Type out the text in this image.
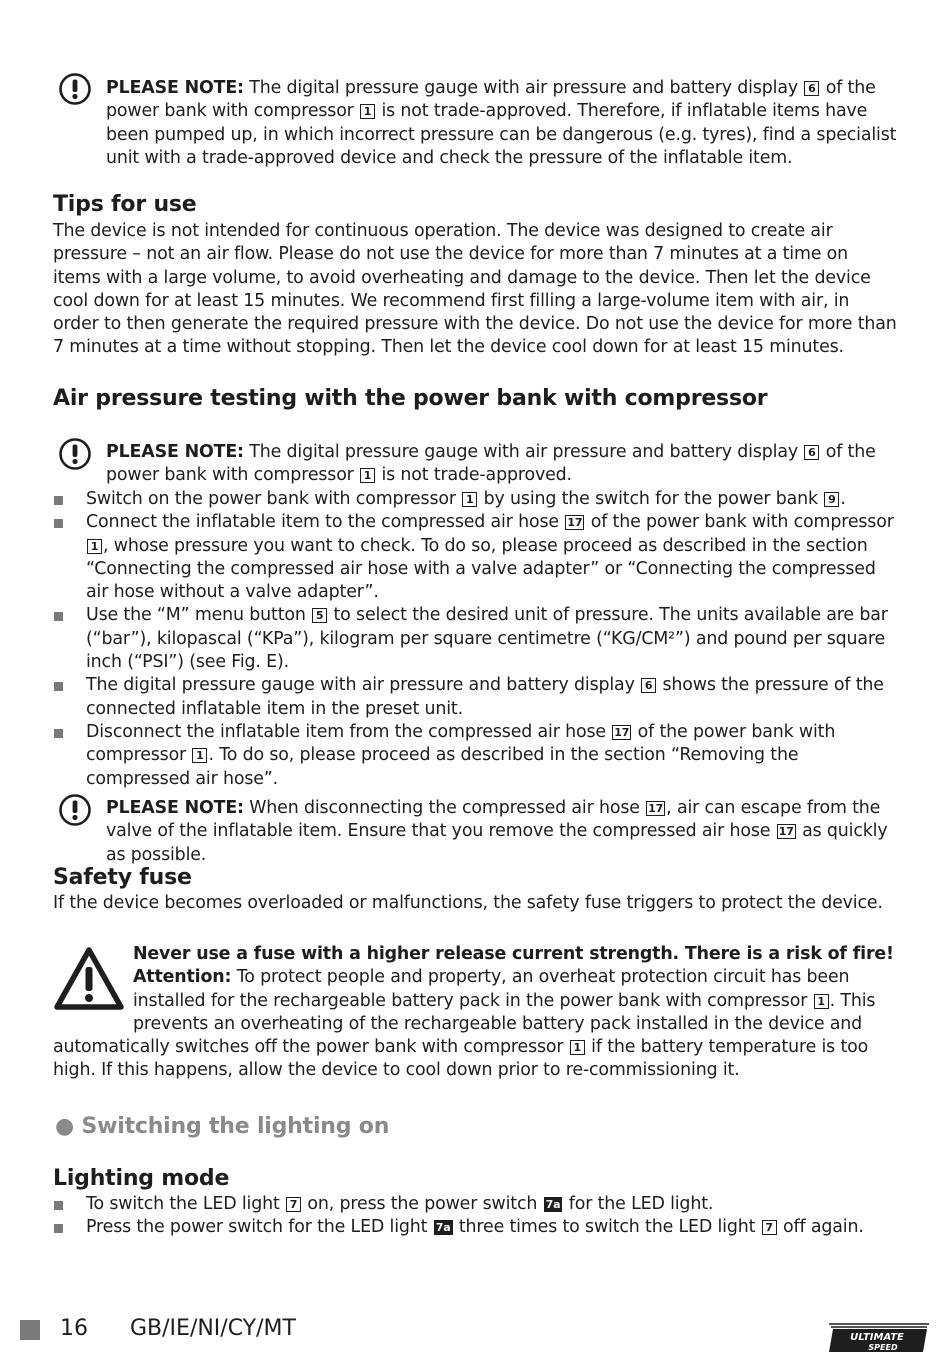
PLEASE NOTE: The digital pressure gauge with air pressure and battery display 6 of the power bank with compressor 1 is not trade-approved. Therefore, if inflatable items have been pumped up, in which incorrect pressure can be dangerous (e.g. tyres), find a specialist unit with a trade-approved device and check the pressure of the inflatable item.
Tips for use
The device is not intended for continuous operation. The device was designed to create air pressure – not an air flow. Please do not use the device for more than 7 minutes at a time on items with a large volume, to avoid overheating and damage to the device. Then let the device cool down for at least 15 minutes. We recommend first filling a large-volume item with air, in order to then generate the required pressure with the device. Do not use the device for more than 7 minutes at a time without stopping. Then let the device cool down for at least 15 minutes.
Air pressure testing with the power bank with compressor
PLEASE NOTE: The digital pressure gauge with air pressure and battery display 6 of the power bank with compressor 1 is not trade-approved.
Switch on the power bank with compressor 1 by using the switch for the power bank 9 .
Connect the inflatable item to the compressed air hose 17 of the power bank with compressor 1 , whose pressure you want to check. To do so, please proceed as described in the section “Connecting the compressed air hose with a valve adapter” or “Connecting the compressed air hose without a valve adapter”.
Use the “M” menu button 5 to select the desired unit of pressure. The units available are bar (“bar”), kilopascal (“KPa”), kilogram per square centimetre (“KG/CM²”) and pound per square inch (“PSI”) (see Fig. E).
The digital pressure gauge with air pressure and battery display 6 shows the pressure of the connected inflatable item in the preset unit.
Disconnect the inflatable item from the compressed air hose 17 of the power bank with compressor 1 . To do so, please proceed as described in the section “Removing the compressed air hose”.
PLEASE NOTE: When disconnecting the compressed air hose 17 , air can escape from the valve of the inflatable item. Ensure that you remove the compressed air hose 17 as quickly as possible.
Safety fuse
If the device becomes overloaded or malfunctions, the safety fuse triggers to protect the device.
Never use a fuse with a higher release current strength. There is a risk of fire!
Attention: To protect people and property, an overheat protection circuit has been installed for the rechargeable battery pack in the power bank with compressor 1 . This prevents an overheating of the rechargeable battery pack installed in the device and automatically switches off the power bank with compressor 1 if the battery temperature is too high. If this happens, allow the device to cool down prior to re-commissioning it.
● Switching the lighting on
Lighting mode
To switch the LED light 7 on, press the power switch 7a for the LED light.
Press the power switch for the LED light 7a three times to switch the LED light 7 off again.
16 GB/IE/NI/CY/MT	ULTIMATE
SPEED
